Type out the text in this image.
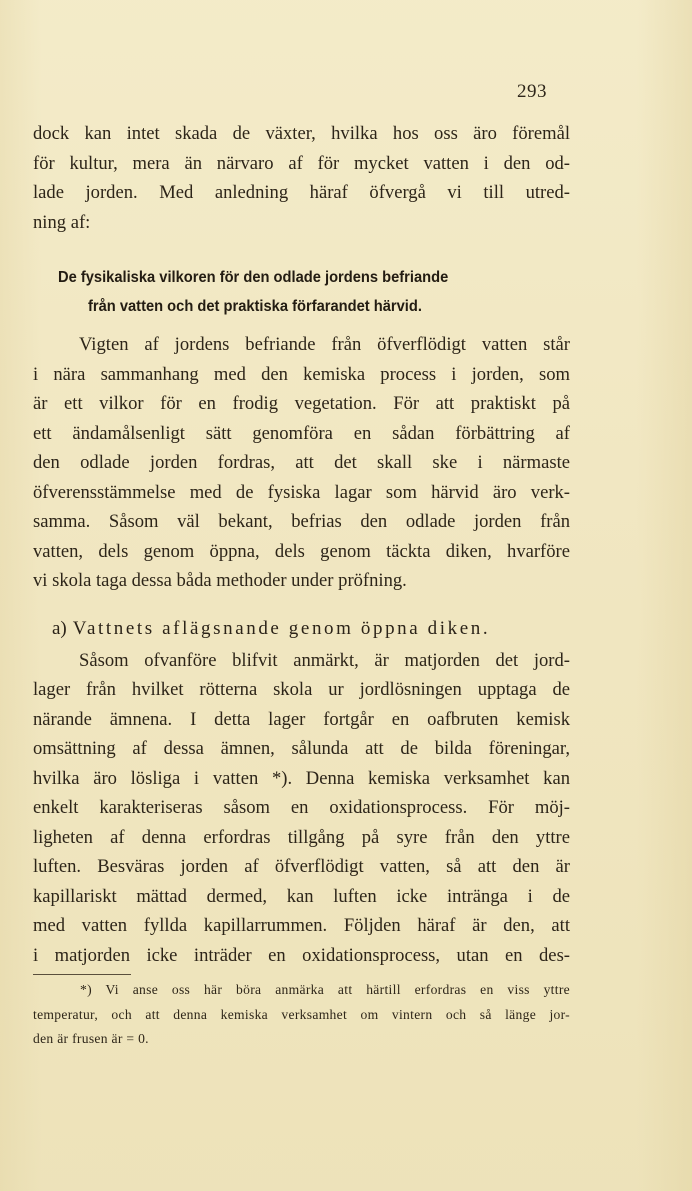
293
dock kan intet skada de växter, hvilka hos oss äro föremål
för kultur, mera än närvaro af för mycket vatten i den od-
lade jorden. Med anledning häraf öfvergå vi till utred-
ning af:
De fysikaliska vilkoren för den odlade jordens befriande
från vatten och det praktiska förfarandet härvid.
Vigten af jordens befriande från öfverflödigt vatten står
i nära sammanhang med den kemiska process i jorden, som
är ett vilkor för en frodig vegetation. För att praktiskt på
ett ändamålsenligt sätt genomföra en sådan förbättring af
den odlade jorden fordras, att det skall ske i närmaste
öfverensstämmelse med de fysiska lagar som härvid äro verk-
samma. Såsom väl bekant, befrias den odlade jorden från
vatten, dels genom öppna, dels genom täckta diken, hvarföre
vi skola taga dessa båda methoder under pröfning.
a) Vattnets aflägsnande genom öppna diken.
Såsom ofvanföre blifvit anmärkt, är matjorden det jord-
lager från hvilket rötterna skola ur jordlösningen upptaga de
närande ämnena. I detta lager fortgår en oafbruten kemisk
omsättning af dessa ämnen, sålunda att de bilda föreningar,
hvilka äro lösliga i vatten *). Denna kemiska verksamhet kan
enkelt karakteriseras såsom en oxidationsprocess. För möj-
ligheten af denna erfordras tillgång på syre från den yttre
luften. Besväras jorden af öfverflödigt vatten, så att den är
kapillariskt mättad dermed, kan luften icke intränga i de
med vatten fyllda kapillarrummen. Följden häraf är den, att
i matjorden icke inträder en oxidationsprocess, utan en des-
*) Vi anse oss här böra anmärka att härtill erfordras en viss yttre
temperatur, och att denna kemiska verksamhet om vintern och så länge jor-
den är frusen är = 0.
